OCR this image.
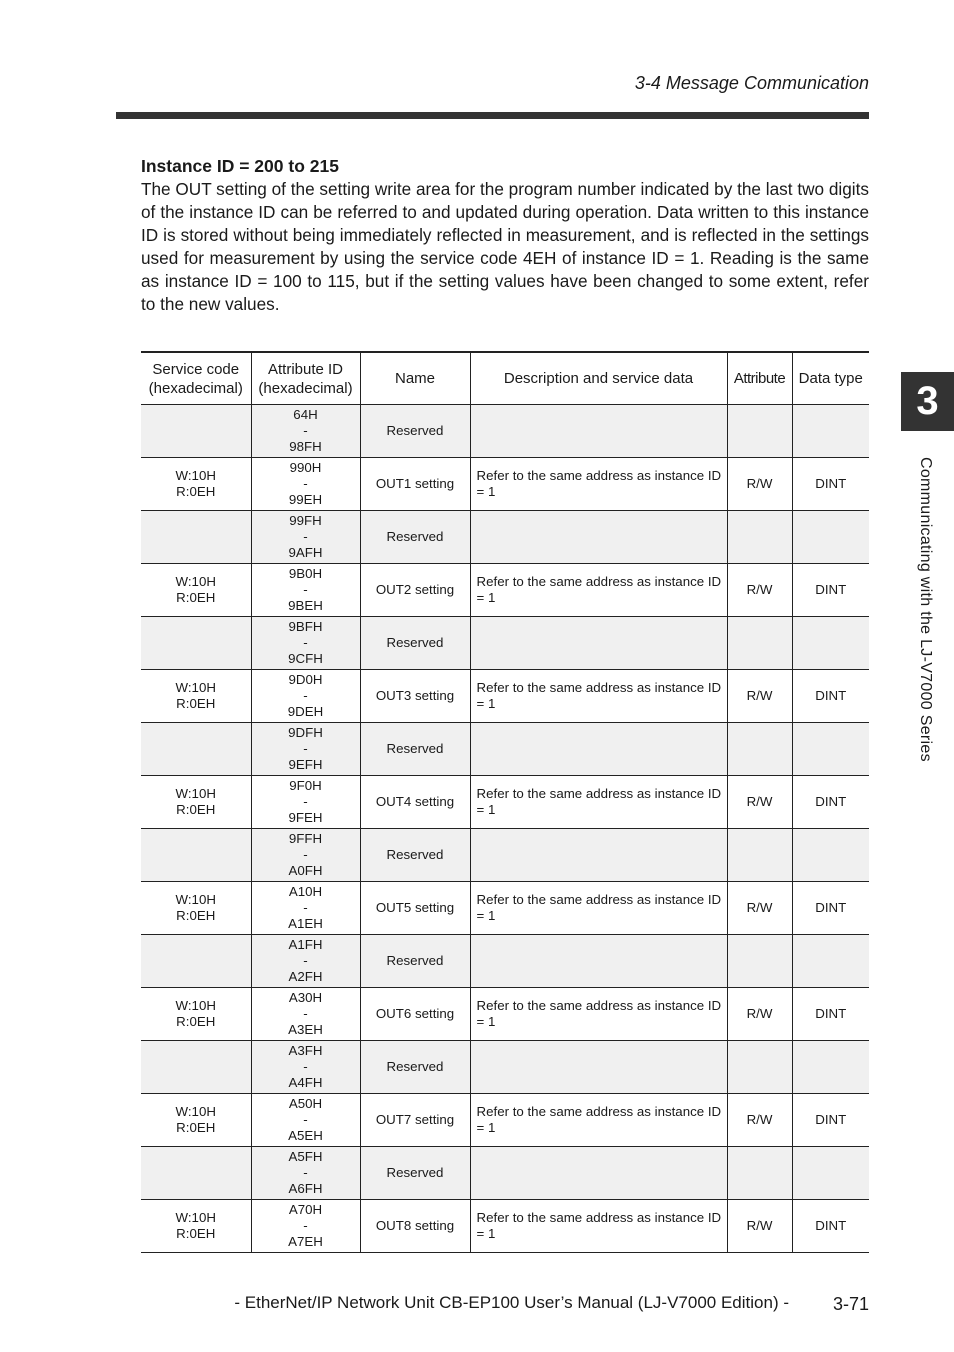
3-4 Message Communication

Instance ID = 200 to 215

The OUT setting of the setting write area for the program number indicated by the last two digits of the instance ID can be referred to and updated during operation. Data written to this instance ID is stored without being immediately reflected in measurement, and is reflected in the settings used for measurement by using the service code 4EH of instance ID = 1. Reading is the same as instance ID = 100 to 115, but if the setting values have been changed to some extent, refer to the new values.

Service code (hexadecimal)	Attribute ID (hexadecimal)	Name	Description and service data	Attribute	Data type

	64H
-
98FH	Reserved			

W:10H R:0EH	990H
-
99EH	OUT1 setting	Refer to the same address as instance ID = 1	R/W	DINT

	99FH
-
9AFH	Reserved			

W:10H R:0EH	9B0H
-
9BEH	OUT2 setting	Refer to the same address as instance ID = 1	R/W	DINT

	9BFH
-
9CFH	Reserved			

W:10H R:0EH	9D0H
-
9DEH	OUT3 setting	Refer to the same address as instance ID = 1	R/W	DINT

	9DFH
-
9EFH	Reserved			

W:10H R:0EH	9F0H
-
9FEH	OUT4 setting	Refer to the same address as instance ID = 1	R/W	DINT

	9FFH
-
A0FH	Reserved			

W:10H R:0EH	A10H
-
A1EH	OUT5 setting	Refer to the same address as instance ID = 1	R/W	DINT

	A1FH
-
A2FH	Reserved			

W:10H R:0EH	A30H
-
A3EH	OUT6 setting	Refer to the same address as instance ID = 1	R/W	DINT

	A3FH
-
A4FH	Reserved			

W:10H R:0EH	A50H
-
A5EH	OUT7 setting	Refer to the same address as instance ID = 1	R/W	DINT

	A5FH
-
A6FH	Reserved			

W:10H R:0EH	A70H
-
A7EH	OUT8 setting	Refer to the same address as instance ID = 1	R/W	DINT
3
Communicating with the LJ-V7000 Series
- EtherNet/IP Network Unit CB-EP100 User’s Manual (LJ-V7000 Edition) - 3-71
